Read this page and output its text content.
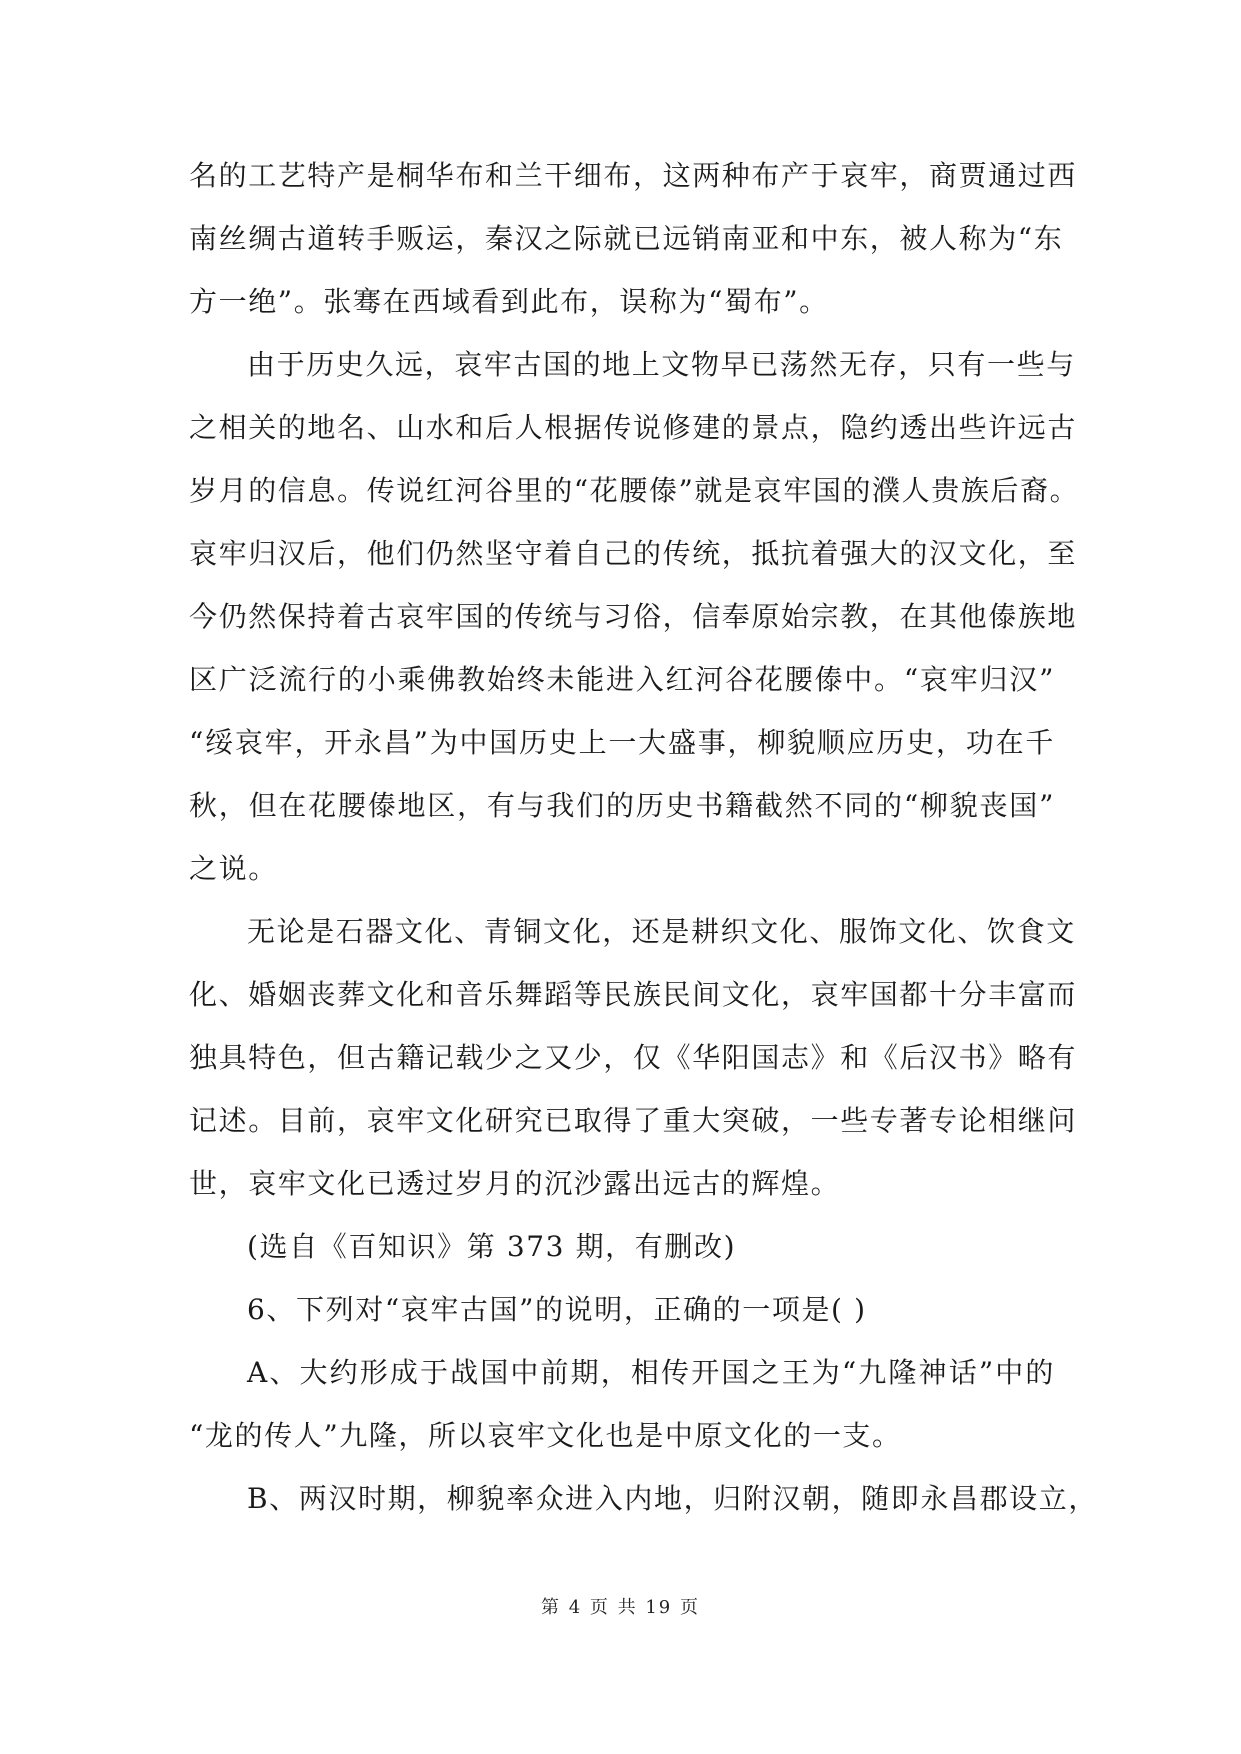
名的工艺特产是桐华布和兰干细布，这两种布产于哀牢，商贾通过西
南丝绸古道转手贩运，秦汉之际就已远销南亚和中东，被人称为“东
方一绝”。张骞在西域看到此布，误称为“蜀布”。
由于历史久远，哀牢古国的地上文物早已荡然无存，只有一些与
之相关的地名、山水和后人根据传说修建的景点，隐约透出些许远古
岁月的信息。传说红河谷里的“花腰傣”就是哀牢国的濮人贵族后裔。
哀牢归汉后，他们仍然坚守着自己的传统，抵抗着强大的汉文化，至
今仍然保持着古哀牢国的传统与习俗，信奉原始宗教，在其他傣族地
区广泛流行的小乘佛教始终未能进入红河谷花腰傣中。“哀牢归汉”
“绥哀牢，开永昌”为中国历史上一大盛事，柳貌顺应历史，功在千
秋，但在花腰傣地区，有与我们的历史书籍截然不同的“柳貌丧国”
之说。
无论是石器文化、青铜文化，还是耕织文化、服饰文化、饮食文
化、婚姻丧葬文化和音乐舞蹈等民族民间文化，哀牢国都十分丰富而
独具特色，但古籍记载少之又少，仅《华阳国志》和《后汉书》略有
记述。目前，哀牢文化研究已取得了重大突破，一些专著专论相继问
世，哀牢文化已透过岁月的沉沙露出远古的辉煌。
(选自《百知识》第 373 期，有删改)
6、下列对“哀牢古国”的说明，正确的一项是( )
A、大约形成于战国中前期，相传开国之王为“九隆神话”中的
“龙的传人”九隆，所以哀牢文化也是中原文化的一支。
B、两汉时期，柳貌率众进入内地，归附汉朝，随即永昌郡设立，
第 4 页 共 19 页
